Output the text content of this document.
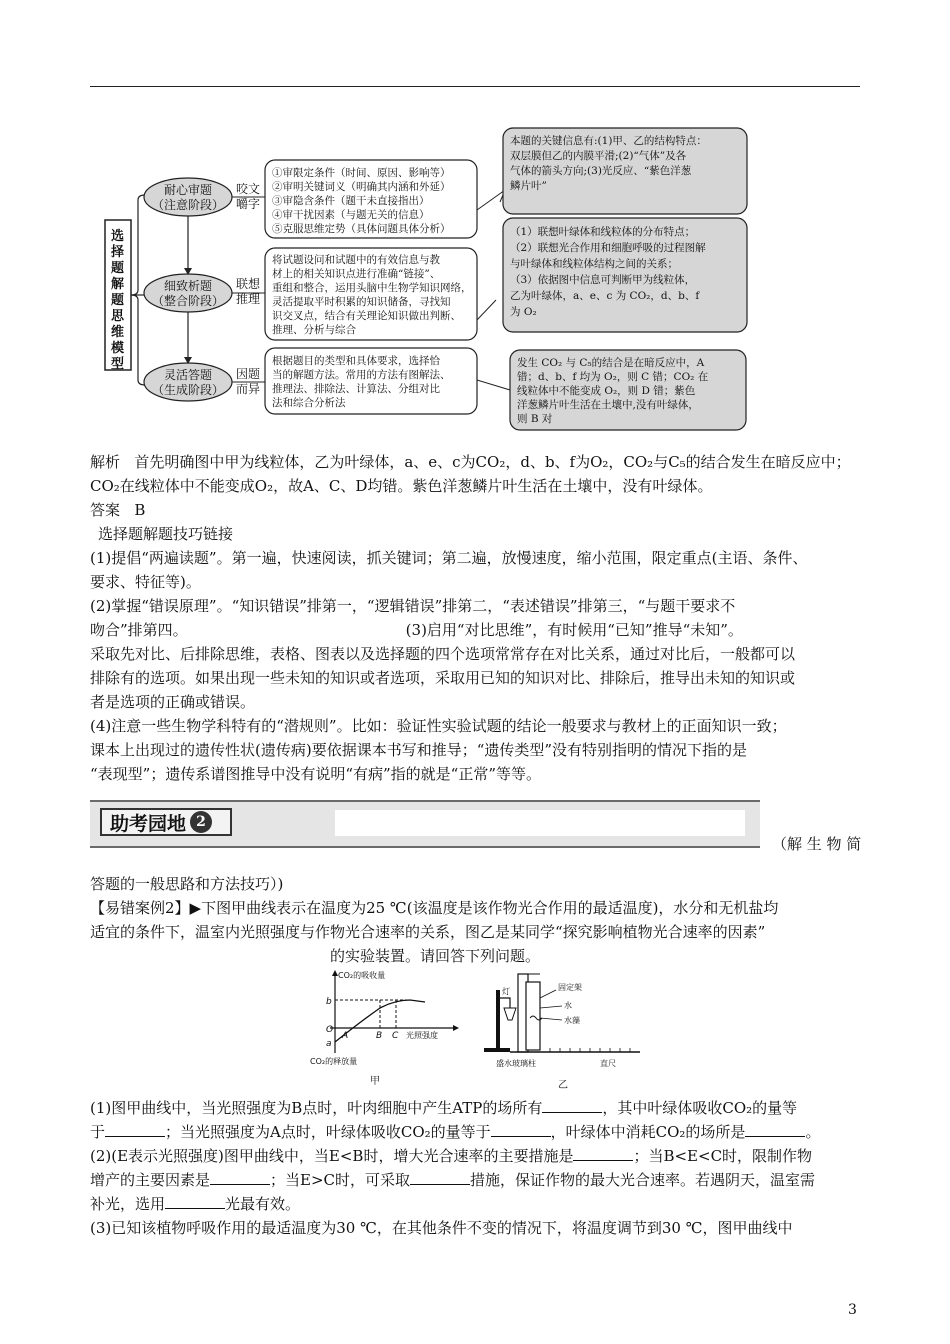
选
择
题
解
题
思
维
模
型
耐心审题
（注意阶段）
细致析题
（整合阶段）
灵活答题
（生成阶段）
咬文
嚼字
联想
推理
因题
而异
①审限定条件（时间、原因、影响等）
②审明关键词义（明确其内涵和外延）
③审隐含条件（题干未直接指出）
④审干扰因素（与题无关的信息）
⑤克服思维定势（具体问题具体分析）
将试题设问和试题中的有效信息与教
材上的相关知识点进行准确“链接”、
重组和整合，运用头脑中生物学知识网络，
灵活提取平时积累的知识储备，寻找知
识交叉点，结合有关理论知识做出判断、
推理、分析与综合
根据题目的类型和具体要求，选择恰
当的解题方法。常用的方法有图解法、
推理法、排除法、计算法、分组对比
法和综合分析法
本题的关键信息有:(1)甲、乙的结构特点：
双层膜但乙的内膜平滑;(2)“气体”及各
气体的箭头方向;(3)光反应、“紫色洋葱
鳞片叶”
（1）联想叶绿体和线粒体的分布特点；
（2）联想光合作用和细胞呼吸的过程图解
与叶绿体和线粒体结构之间的关系；
（3）依据图中信息可判断甲为线粒体，
乙为叶绿体，a、e、c 为 CO₂，d、b、f
为 O₂
发生 CO₂ 与 C₅的结合是在暗反应中，A
错；d、b、f 均为 O₂，则 C 错；CO₂ 在
线粒体中不能变成 O₂，则 D 错；紫色
洋葱鳞片叶生活在土壤中,没有叶绿体，
则 B 对

解析 首先明确图中甲为线粒体，乙为叶绿体，a、e、c为CO₂，d、b、f为O₂，CO₂与C₅的结合发生在暗反应中；

CO₂在线粒体中不能变成O₂，故A、C、D均错。紫色洋葱鳞片叶生活在土壤中，没有叶绿体。

答案 B

选择题解题技巧链接

(1)提倡“两遍读题”。第一遍，快速阅读，抓关键词；第二遍，放慢速度，缩小范围，限定重点(主语、条件、

要求、特征等)。

(2)掌握“错误原理”。“知识错误”排第一，“逻辑错误”排第二，“表述错误”排第三，“与题干要求不

吻合”排第四。	(3)启用“对比思维”，有时候用“已知”推导“未知”。

采取先对比、后排除思维，表格、图表以及选择题的四个选项常常存在对比关系，通过对比后，一般都可以

排除有的选项。如果出现一些未知的知识或者选项，采取用已知的知识对比、排除后，推导出未知的知识或

者是选项的正确或错误。

(4)注意一些生物学科特有的“潜规则”。比如：验证性实验试题的结论一般要求与教材上的正面知识一致；

课本上出现过的遗传性状(遗传病)要依据课本书写和推导；“遗传类型”没有特别指明的情况下指的是

“表现型”；遗传系谱图推导中没有说明“有病”指的就是“正常”等等。

助考园地 2
（解 生 物 简

答题的一般思路和方法技巧）)

【易错案例2】▶下图甲曲线表示在温度为25 ℃(该温度是该作物光合作用的最适温度)，水分和无机盐均

适宜的条件下，温室内光照强度与作物光合速率的关系，图乙是某同学“探究影响植物光合速率的因素”

的实验装置。请回答下列问题。

CO₂的吸收量
b
O
a
A	B C 光照强度
CO₂的释放量
甲
灯	固定架
水
水藻
盛水玻璃柱	直尺
乙

(1)图甲曲线中，当光照强度为B点时，叶肉细胞中产生ATP的场所有	，其中叶绿体吸收CO₂的量等

于	；当光照强度为A点时，叶绿体吸收CO₂的量等于	，叶绿体中消耗CO₂的场所是	。

(2)(E表示光照强度)图甲曲线中，当E<B时，增大光合速率的主要措施是	；当B<E<C时，限制作物

增产的主要因素是	；当E>C时，可采取	措施，保证作物的最大光合速率。若遇阴天，温室需

补光，选用	光最有效。

(3)已知该植物呼吸作用的最适温度为30 ℃，在其他条件不变的情况下，将温度调节到30 ℃，图甲曲线中

3
